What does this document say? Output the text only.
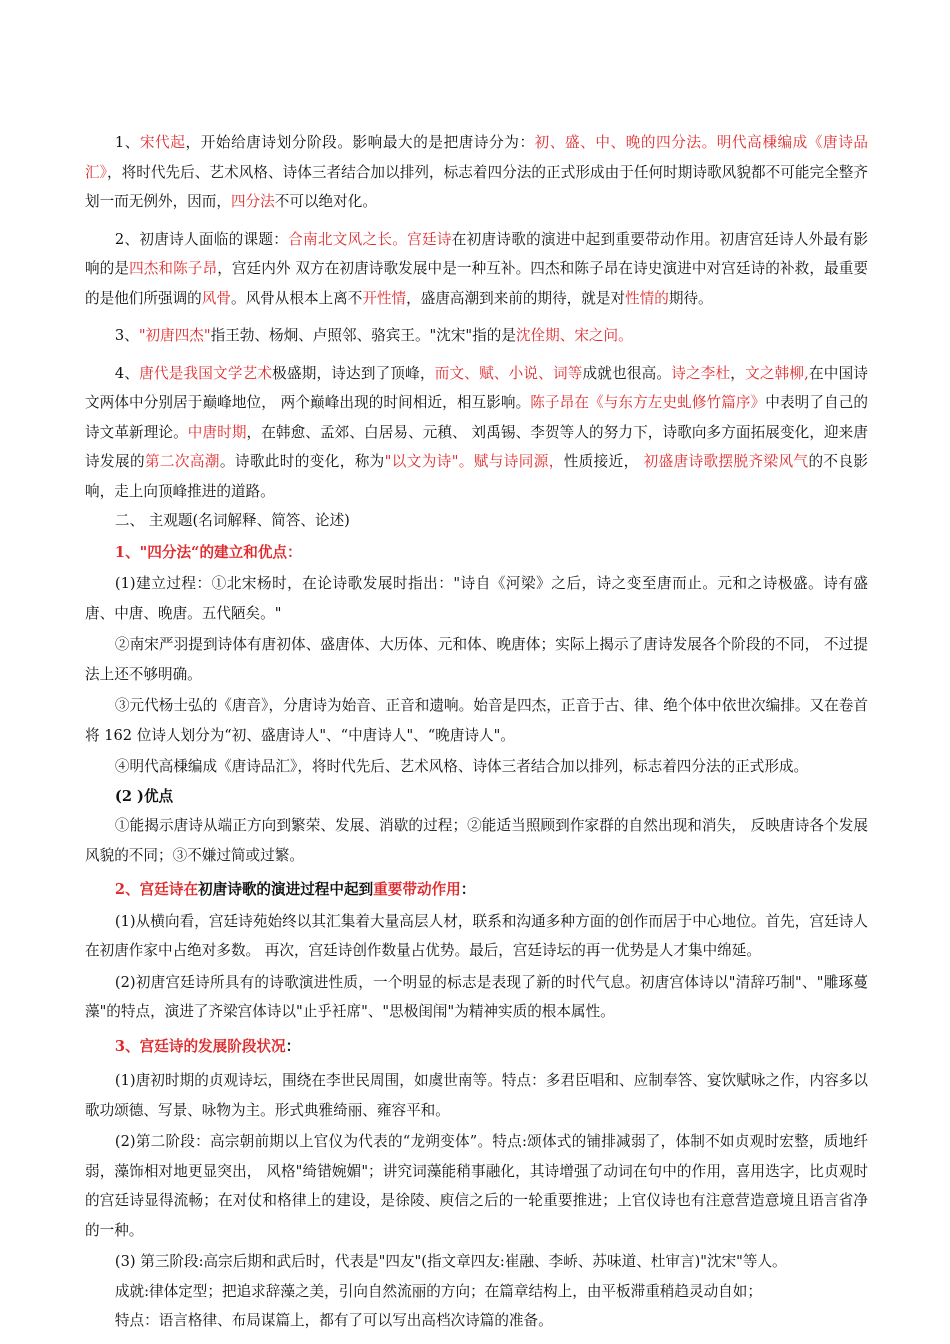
1、宋代起，开始给唐诗划分阶段。影响最大的是把唐诗分为：初、盛、中、晚的四分法。明代高棅编成《唐诗品汇》，将时代先后、艺术风格、诗体三者结合加以排列，标志着四分法的正式形成由于任何时期诗歌风貌都不可能完全整齐划一而无例外，因而，四分法不可以绝对化。

2、初唐诗人面临的课题：合南北文风之长。宫廷诗在初唐诗歌的演进中起到重要带动作用。初唐宫廷诗人外最有影响的是四杰和陈子昂，宫廷内外 双方在初唐诗歌发展中是一种互补。四杰和陈子昂在诗史演进中对宫廷诗的补救，最重要的是他们所强调的风骨。风骨从根本上离不开性情，盛唐高潮到来前的期待，就是对性情的期待。

3、"初唐四杰"指王勃、杨炯、卢照邻、骆宾王。"沈宋"指的是沈佺期、宋之问。

4、唐代是我国文学艺术极盛期，诗达到了顶峰，而文、赋、小说、词等成就也很高。诗之李杜，文之韩柳,在中国诗文两体中分别居于巅峰地位， 两个巅峰出现的时间相近，相互影响。陈子昂在《与东方左史虬修竹篇序》中表明了自己的诗文革新理论。中唐时期，在韩愈、孟郊、白居易、元稹、 刘禹锡、李贺等人的努力下，诗歌向多方面拓展变化，迎来唐诗发展的第二次高潮。诗歌此时的变化，称为"以文为诗"。赋与诗同源，性质接近， 初盛唐诗歌摆脱齐梁风气的不良影响，走上向顶峰推进的道路。

二、 主观题(名词解释、简答、论述)

1、"四分法“的建立和优点：

(1)建立过程：①北宋杨时，在论诗歌发展时指出："诗自《河梁》之后，诗之变至唐而止。元和之诗极盛。诗有盛唐、中唐、晚唐。五代陋矣。"

②南宋严羽提到诗体有唐初体、盛唐体、大历体、元和体、晚唐体；实际上揭示了唐诗发展各个阶段的不同， 不过提法上还不够明确。

③元代杨士弘的《唐音》，分唐诗为始音、正音和遗响。始音是四杰，正音于古、律、绝个体中依世次编排。又在卷首将 162 位诗人划分为“初、盛唐诗人"、“中唐诗人"、“晚唐诗人"。

④明代高棅编成《唐诗品汇》，将时代先后、艺术风格、诗体三者结合加以排列，标志着四分法的正式形成。

(2 )优点

①能揭示唐诗从端正方向到繁荣、发展、消歇的过程；②能适当照顾到作家群的自然出现和消失， 反映唐诗各个发展风貌的不同；③不嫌过简或过繁。

2、宫廷诗在初唐诗歌的演进过程中起到重要带动作用：

(1)从横向看，宫廷诗苑始终以其汇集着大量高层人材，联系和沟通多种方面的创作而居于中心地位。首先，宫廷诗人在初唐作家中占绝对多数。 再次，宫廷诗创作数量占优势。最后，宫廷诗坛的再一优势是人才集中绵延。

(2)初唐宫廷诗所具有的诗歌演进性质，一个明显的标志是表现了新的时代气息。初唐宫体诗以"清辞巧制"、"雕琢蔓藻"的特点，演进了齐梁宫体诗以"止乎衽席"、"思极闺闱"为精神实质的根本属性。

3、宫廷诗的发展阶段状况：

(1)唐初时期的贞观诗坛，围绕在李世民周围，如虞世南等。特点：多君臣唱和、应制奉答、宴饮赋咏之作，内容多以歌功颂德、写景、咏物为主。形式典雅绮丽、雍容平和。

(2)第二阶段：高宗朝前期以上官仪为代表的“龙朔变体”。特点:颂体式的铺排减弱了，体制不如贞观时宏整，质地纤弱，藻饰相对地更显突出， 风格"绮错婉媚"；讲究词藻能稍事融化，其诗增强了动词在句中的作用，喜用迭字，比贞观时的宫廷诗显得流畅；在对仗和格律上的建设，是徐陵、庾信之后的一轮重要推进；上官仪诗也有注意营造意境且语言省净的一种。

(3) 第三阶段:高宗后期和武后时，代表是"四友"(指文章四友:崔融、李峤、苏味道、杜审言)"沈宋"等人。

成就:律体定型；把追求辞藻之美，引向自然流丽的方向；在篇章结构上，由平板滞重稍趋灵动自如；

特点：语言格律、布局谋篇上，都有了可以写出高档次诗篇的准备。
